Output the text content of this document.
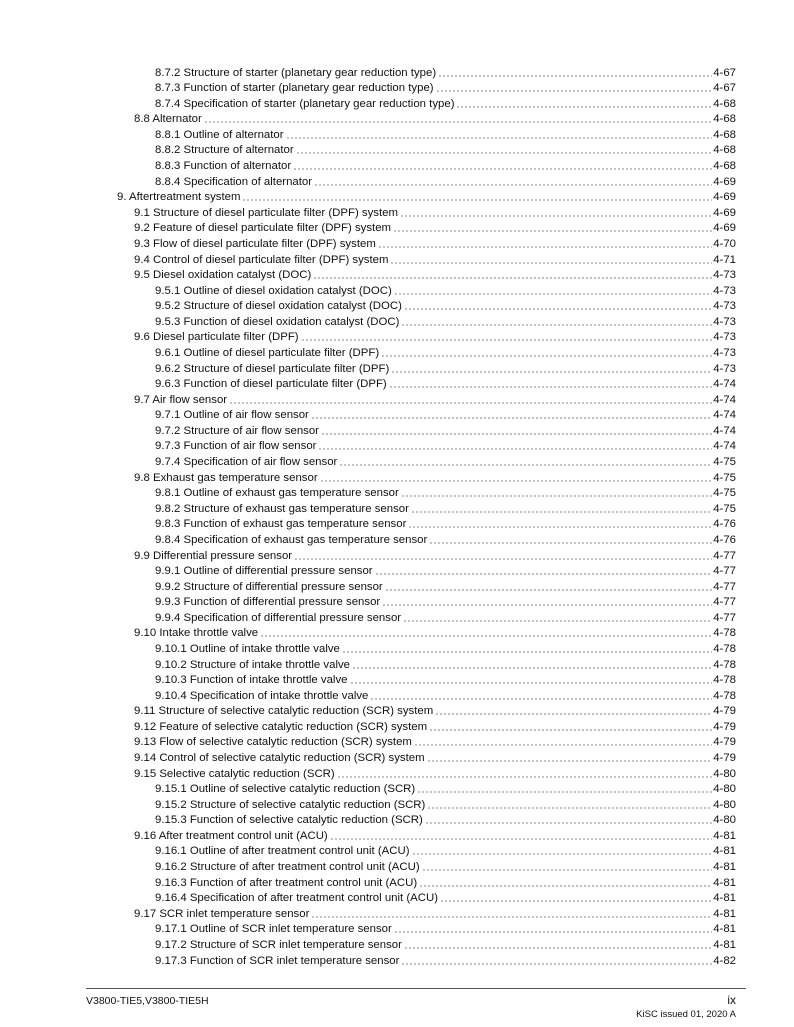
8.7.2 Structure of starter (planetary gear reduction type)	4-67
8.7.3 Function of starter (planetary gear reduction type)	4-67
8.7.4 Specification of starter (planetary gear reduction type)	4-68
8.8 Alternator	4-68
8.8.1 Outline of alternator	4-68
8.8.2 Structure of alternator	4-68
8.8.3 Function of alternator	4-68
8.8.4 Specification of alternator	4-69
9. Aftertreatment system	4-69
9.1 Structure of diesel particulate filter (DPF) system	4-69
9.2 Feature of diesel particulate filter (DPF) system	4-69
9.3 Flow of diesel particulate filter (DPF) system	4-70
9.4 Control of diesel particulate filter (DPF) system	4-71
9.5 Diesel oxidation catalyst (DOC)	4-73
9.5.1 Outline of diesel oxidation catalyst (DOC)	4-73
9.5.2 Structure of diesel oxidation catalyst (DOC)	4-73
9.5.3 Function of diesel oxidation catalyst (DOC)	4-73
9.6 Diesel particulate filter (DPF)	4-73
9.6.1 Outline of diesel particulate filter (DPF)	4-73
9.6.2 Structure of diesel particulate filter (DPF)	4-73
9.6.3 Function of diesel particulate filter (DPF)	4-74
9.7 Air flow sensor	4-74
9.7.1 Outline of air flow sensor	4-74
9.7.2 Structure of air flow sensor	4-74
9.7.3 Function of air flow sensor	4-74
9.7.4 Specification of air flow sensor	4-75
9.8 Exhaust gas temperature sensor	4-75
9.8.1 Outline of exhaust gas temperature sensor	4-75
9.8.2 Structure of exhaust gas temperature sensor	4-75
9.8.3 Function of exhaust gas temperature sensor	4-76
9.8.4 Specification of exhaust gas temperature sensor	4-76
9.9 Differential pressure sensor	4-77
9.9.1 Outline of differential pressure sensor	4-77
9.9.2 Structure of differential pressure sensor	4-77
9.9.3 Function of differential pressure sensor	4-77
9.9.4 Specification of differential pressure sensor	4-77
9.10 Intake throttle valve	4-78
9.10.1 Outline of intake throttle valve	4-78
9.10.2 Structure of intake throttle valve	4-78
9.10.3 Function of intake throttle valve	4-78
9.10.4 Specification of intake throttle valve	4-78
9.11 Structure of selective catalytic reduction (SCR) system	4-79
9.12 Feature of selective catalytic reduction (SCR) system	4-79
9.13 Flow of selective catalytic reduction (SCR) system	4-79
9.14 Control of selective catalytic reduction (SCR) system	4-79
9.15 Selective catalytic reduction (SCR)	4-80
9.15.1 Outline of selective catalytic reduction (SCR)	4-80
9.15.2 Structure of selective catalytic reduction (SCR)	4-80
9.15.3 Function of selective catalytic reduction (SCR)	4-80
9.16 After treatment control unit (ACU)	4-81
9.16.1 Outline of after treatment control unit (ACU)	4-81
9.16.2 Structure of after treatment control unit (ACU)	4-81
9.16.3 Function of after treatment control unit (ACU)	4-81
9.16.4 Specification of after treatment control unit (ACU)	4-81
9.17 SCR inlet temperature sensor	4-81
9.17.1 Outline of SCR inlet temperature sensor	4-81
9.17.2 Structure of SCR inlet temperature sensor	4-81
9.17.3 Function of SCR inlet temperature sensor	4-82
V3800-TIE5,V3800-TIE5H	ix
KiSC issued 01, 2020 A
